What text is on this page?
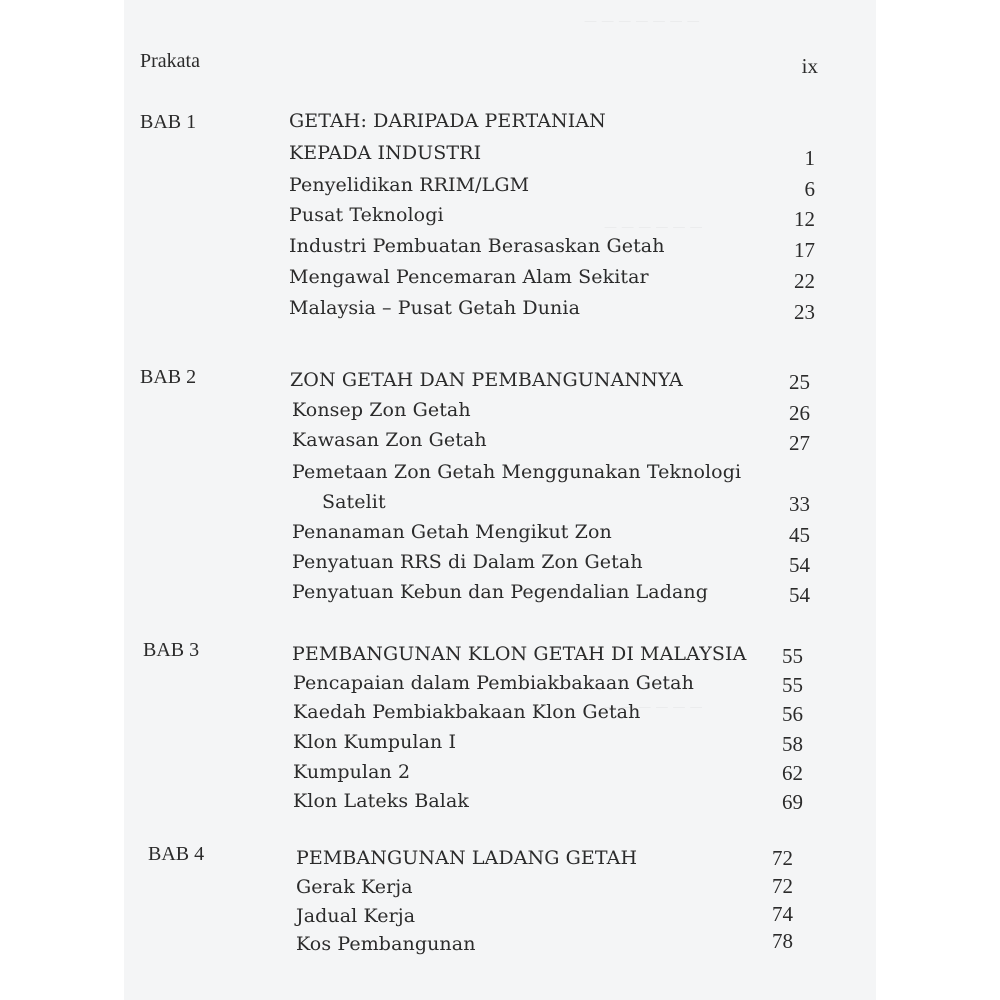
Prakata	ix
BAB 1	GETAH: DARIPADA PERTANIAN
KEPADA INDUSTRI	1
Penyelidikan RRIM/LGM	6
Pusat Teknologi	12
Industri Pembuatan Berasaskan Getah	17
Mengawal Pencemaran Alam Sekitar	22
Malaysia – Pusat Getah Dunia	23
BAB 2	ZON GETAH DAN PEMBANGUNANNYA	25
Konsep Zon Getah	26
Kawasan Zon Getah	27
Pemetaan Zon Getah Menggunakan Teknologi
Satelit	33
Penanaman Getah Mengikut Zon	45
Penyatuan RRS di Dalam Zon Getah	54
Penyatuan Kebun dan Pegendalian Ladang	54
BAB 3	PEMBANGUNAN KLON GETAH DI MALAYSIA	55
Pencapaian dalam Pembiakbakaan Getah	55
Kaedah Pembiakbakaan Klon Getah	56
Klon Kumpulan I	58
Kumpulan 2	62
Klon Lateks Balak	69
BAB 4	PEMBANGUNAN LADANG GETAH	72
Gerak Kerja	72
Jadual Kerja	74
Kos Pembangunan	78
